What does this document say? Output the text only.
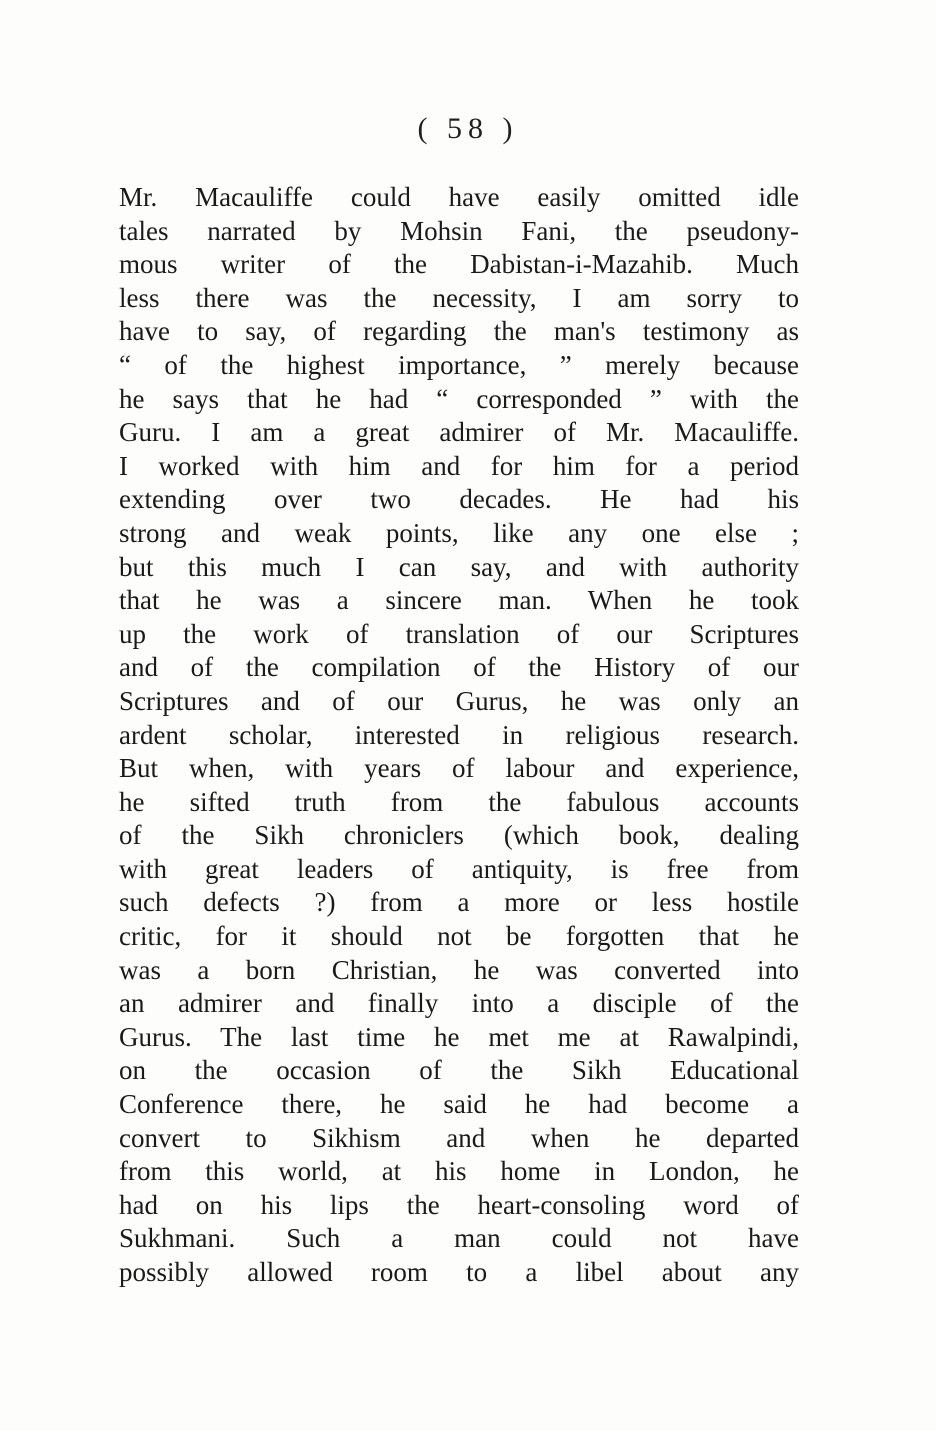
( 58 )
Mr. Macauliffe could have easily omitted idle
tales narrated by Mohsin Fani, the pseudony-
mous writer of the Dabistan-i-Mazahib. Much
less there was the necessity, I am sorry to
have to say, of regarding the man's testimony as
“ of the highest importance, ” merely because
he says that he had “ corresponded ” with the
Guru. I am a great admirer of Mr. Macauliffe.
I worked with him and for him for a period
extending over two decades. He had his
strong and weak points, like any one else ;
but this much I can say, and with authority
that he was a sincere man. When he took
up the work of translation of our Scriptures
and of the compilation of the History of our
Scriptures and of our Gurus, he was only an
ardent scholar, interested in religious research.
But when, with years of labour and experience,
he sifted truth from the fabulous accounts
of the Sikh chroniclers (which book, dealing
with great leaders of antiquity, is free from
such defects ?) from a more or less hostile
critic, for it should not be forgotten that he
was a born Christian, he was converted into
an admirer and finally into a disciple of the
Gurus. The last time he met me at Rawalpindi,
on the occasion of the Sikh Educational
Conference there, he said he had become a
convert to Sikhism and when he departed
from this world, at his home in London, he
had on his lips the heart-consoling word of
Sukhmani. Such a man could not have
possibly allowed room to a libel about any
